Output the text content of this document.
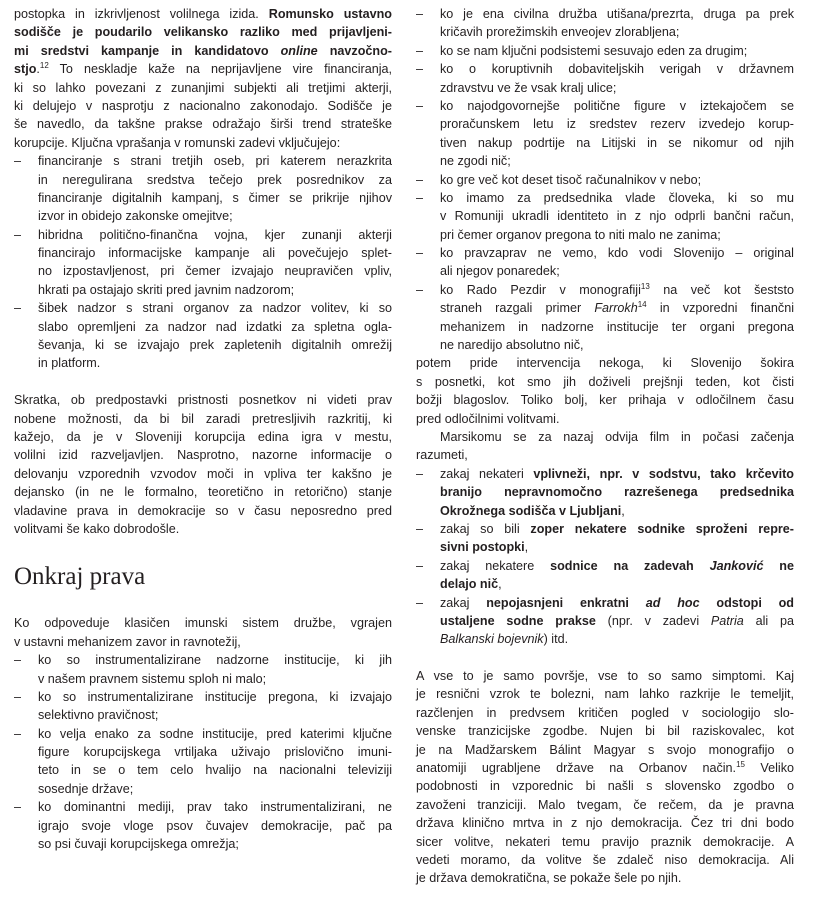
postopka in izkrivljenost volilnega izida. Romunsko ustavno
sodišče je poudarilo velikansko razliko med prijavljeni-
mi sredstvi kampanje in kandidatovo online navzočno-
stjo.$^{12}$ To neskladje kaže na neprijavljene vire financiranja,
ki so lahko povezani z zunanjimi subjekti ali tretjimi akterji,
ki delujejo v nasprotju z nacionalno zakonodajo. Sodišče je
še navedlo, da takšne prakse odražajo širši trend strateške
korupcije. Ključna vprašanja v romunski zadevi vključujejo:
–	financiranje s strani tretjih oseb, pri katerem nerazkrita
in neregulirana sredstva tečejo prek posrednikov za
financiranje digitalnih kampanj, s čimer se prikrije njihov
izvor in obidejo zakonske omejitve;
–	hibridna politično-finančna vojna, kjer zunanji akterji
financirajo informacijske kampanje ali povečujejo splet-
no izpostavljenost, pri čemer izvajajo neupravičen vpliv,
hkrati pa ostajajo skriti pred javnim nadzorom;
–	šibek nadzor s strani organov za nadzor volitev, ki so
slabo opremljeni za nadzor nad izdatki za spletna ogla-
ševanja, ki se izvajajo prek zapletenih digitalnih omrežij
in platform.
Skratka, ob predpostavki pristnosti posnetkov ni videti prav
nobene možnosti, da bi bil zaradi pretresljivih razkritij, ki
kažejo, da je v Sloveniji korupcija edina igra v mestu,
volilni izid razveljavljen. Nasprotno, nazorne informacije o
delovanju vzporednih vzvodov moči in vpliva ter kakšno je
dejansko (in ne le formalno, teoretično in retorično) stanje
vladavine prava in demokracije so v času neposredno pred
volitvami še kako dobrodošle.
Onkraj prava
Ko odpoveduje klasičen imunski sistem družbe, vgrajen
v ustavni mehanizem zavor in ravnotežij,
–	ko so instrumentalizirane nadzorne institucije, ki jih
v našem pravnem sistemu sploh ni malo;
–	ko so instrumentalizirane institucije pregona, ki izvajajo
selektivno pravičnost;
–	ko velja enako za sodne institucije, pred katerimi ključne
figure korupcijskega vrtiljaka uživajo prislovično imuni-
teto in se o tem celo hvalijo na nacionalni televiziji
sosednje države;
–	ko dominantni mediji, prav tako instrumentalizirani, ne
igrajo svoje vloge psov čuvajev demokracije, pač pa
so psi čuvaji korupcijskega omrežja;
–	ko je ena civilna družba utišana/prezrta, druga pa prek
kričavih prorežimskih enveojev zlorabljena;
–	ko se nam ključni podsistemi sesuvajo eden za drugim;
–	ko o koruptivnih dobaviteljskih verigah v državnem
zdravstvu ve že vsak kralj ulice;
–	ko najodgovornejše politične figure v iztekajočem se
proračunskem letu iz sredstev rezerv izvedejo korup-
tiven nakup podrtije na Litijski in se nikomur od njih
ne zgodi nič;
–	ko gre več kot deset tisoč računalnikov v nebo;
–	ko imamo za predsednika vlade človeka, ki so mu
v Romuniji ukradli identiteto in z njo odprli bančni račun,
pri čemer organov pregona to niti malo ne zanima;
–	ko pravzaprav ne vemo, kdo vodi Slovenijo – original
ali njegov ponaredek;
–	ko Rado Pezdir v monografiji$^{13}$ na več kot šeststo
straneh razgali primer Farrokh$^{14}$ in vzporedni finančni
mehanizem in nadzorne institucije ter organi pregona
ne naredijo absolutno nič,
potem pride intervencija nekoga, ki Slovenijo šokira
s posnetki, kot smo jih doživeli prejšnji teden, kot čisti
božji blagoslov. Toliko bolj, ker prihaja v odločilnem času
pred odločilnimi volitvami.
Marsikomu se za nazaj odvija film in počasi začenja
razumeti,
–	zakaj nekateri vplivneži, npr. v sodstvu, tako krčevito
branijo nepravnomočno razrešenega predsednika
Okrožnega sodišča v Ljubljani,
–	zakaj so bili zoper nekatere sodnike sproženi repre-
sivni postopki,
–	zakaj nekatere sodnice na zadevah Janković ne
delajo nič,
–	zakaj nepojasnjeni enkratni ad hoc odstopi od
ustaljene sodne prakse (npr. v zadevi Patria ali pa
Balkanski bojevnik) itd.
A vse to je samo površje, vse to so samo simptomi. Kaj
je resnični vzrok te bolezni, nam lahko razkrije le temeljit,
razčlenjen in predvsem kritičen pogled v sociologijo slo-
venske tranzicijske zgodbe. Nujen bi bil raziskovalec, kot
je na Madžarskem Bálint Magyar s svojo monografijo o
anatomiji ugrabljene države na Orbanov način.$^{15}$ Veliko
podobnosti in vzporednic bi našli s slovensko zgodbo o
zavoženi tranziciji. Malo tvegam, če rečem, da je pravna
država klinično mrtva in z njo demokracija. Čez tri dni bodo
sicer volitve, nekateri temu pravijo praznik demokracije. A
vedeti moramo, da volitve še zdaleč niso demokracija. Ali
je država demokratična, se pokaže šele po njih.
